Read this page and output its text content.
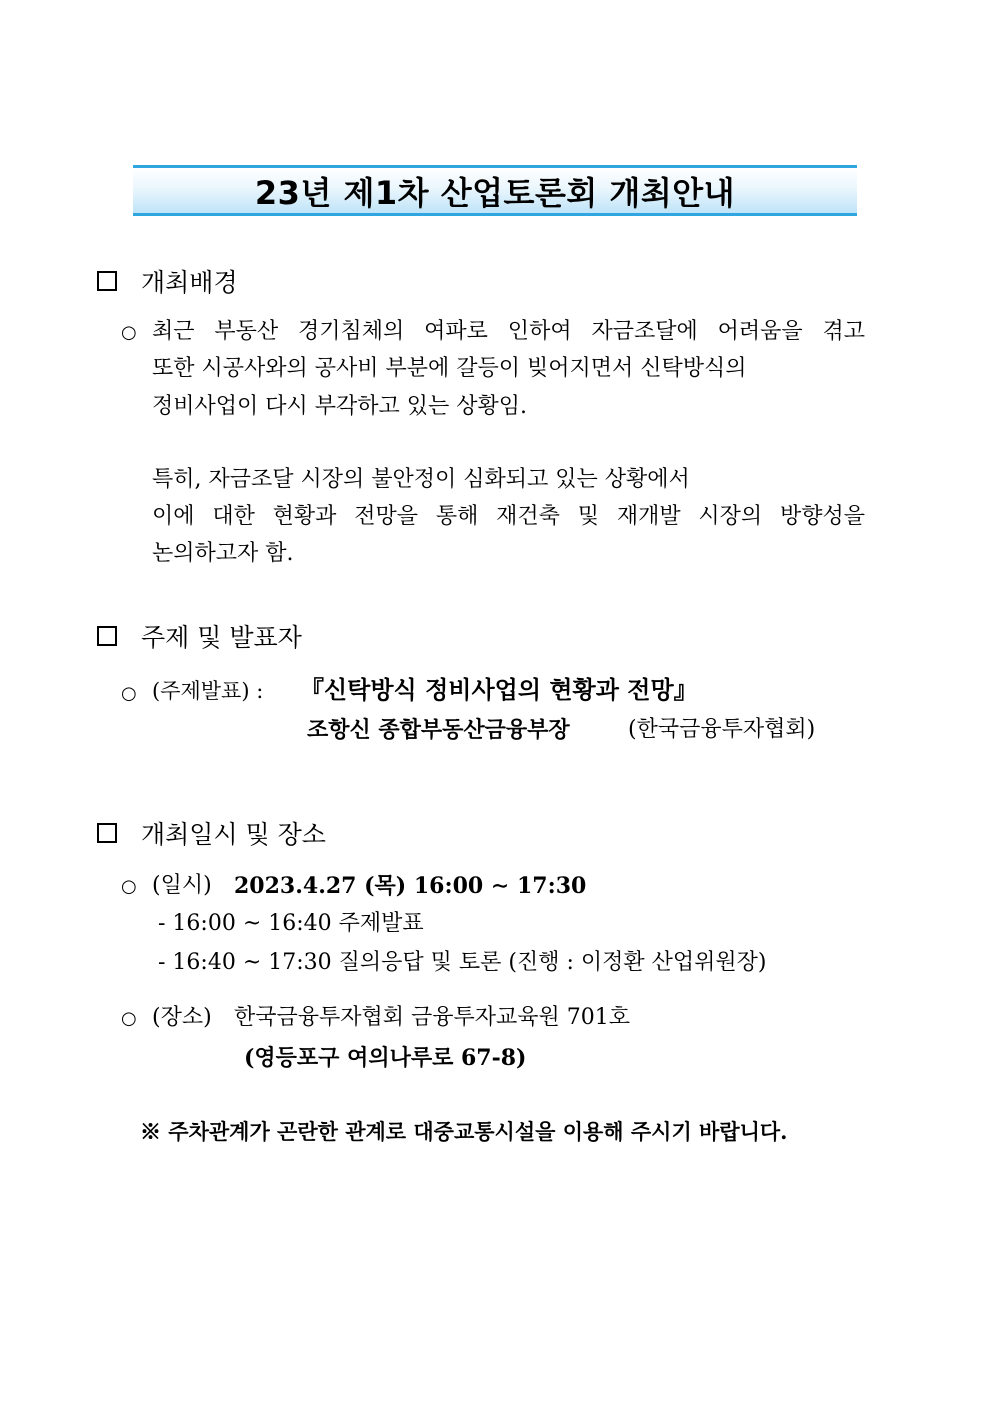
23년 제1차 산업토론회 개최안내
개최배경
○ 최근 부동산 경기침체의 여파로 인하여 자금조달에 어려움을 겪고
또한 시공사와의 공사비 부분에 갈등이 빚어지면서 신탁방식의
정비사업이 다시 부각하고 있는 상황임.
특히, 자금조달 시장의 불안정이 심화되고 있는 상황에서
이에 대한 현황과 전망을 통해 재건축 및 재개발 시장의 방향성을
논의하고자 함.
주제 및 발표자
○ (주제발표) : 『신탁방식 정비사업의 현황과 전망』
조항신 종합부동산금융부장	(한국금융투자협회)
개최일시 및 장소
○ (일시) 2023.4.27 (목) 16:00 ∼ 17:30
- 16:00 ~ 16:40 주제발표
- 16:40 ~ 17:30 질의응답 및 토론 (진행 : 이정환 산업위원장)
○ (장소) 한국금융투자협회 금융투자교육원 701호
(영등포구 여의나루로 67-8)
※ 주차관계가 곤란한 관계로 대중교통시설을 이용해 주시기 바랍니다.
